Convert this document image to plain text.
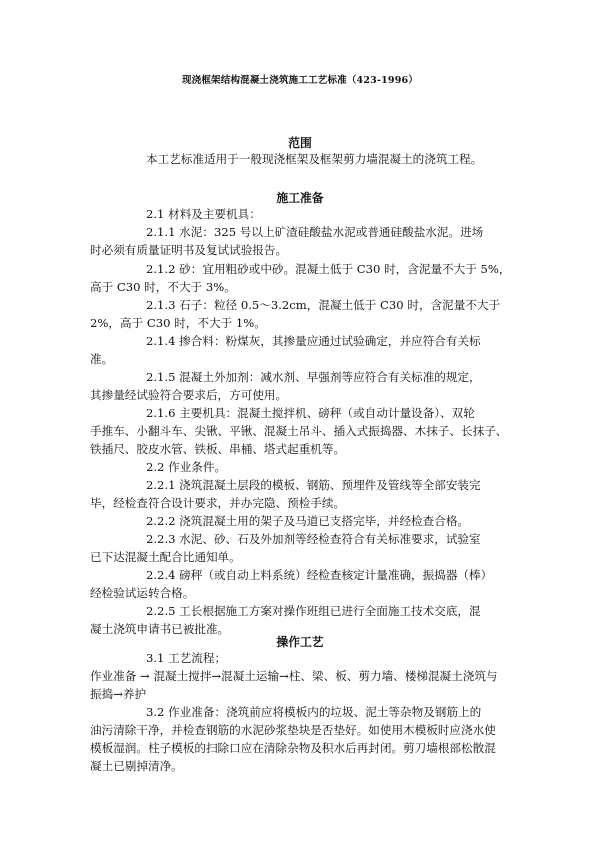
现浇框架结构混凝土浇筑施工工艺标准（423-1996）
范围
本工艺标准适用于一般现浇框架及框架剪力墙混凝土的浇筑工程。
施工准备
2.1 材料及主要机具：
2.1.1 水泥：325 号以上矿渣硅酸盐水泥或普通硅酸盐水泥。进场
时必须有质量证明书及复试试验报告。
2.1.2 砂：宜用粗砂或中砂。混凝土低于 C30 时，含泥量不大于 5%，
高于 C30 时，不大于 3%。
2.1.3 石子：粒径 0.5～3.2cm，混凝土低于 C30 时，含泥量不大于
2%，高于 C30 时，不大于 1%。
2.1.4 掺合料：粉煤灰，其掺量应通过试验确定，并应符合有关标
准。
2.1.5 混凝土外加剂：减水剂、早强剂等应符合有关标准的规定，
其掺量经试验符合要求后，方可使用。
2.1.6 主要机具：混凝土搅拌机、磅秤（或自动计量设备）、双轮
手推车、小翻斗车、尖锹、平锹、混凝土吊斗、插入式振捣器、木抹子、长抹子、
铁插尺、胶皮水管、铁板、串桶、塔式起重机等。
2.2 作业条件。
2.2.1 浇筑混凝土层段的模板、钢筋、预埋件及管线等全部安装完
毕，经检查符合设计要求，并办完隐、预检手续。
2.2.2 浇筑混凝土用的架子及马道已支搭完毕，并经检查合格。
2.2.3 水泥、砂、石及外加剂等经检查符合有关标准要求，试验室
已下达混凝土配合比通知单。
2.2.4 磅秤（或自动上料系统）经检查核定计量准确，振捣器（棒）
经检验试运转合格。
2.2.5 工长根据施工方案对操作班组已进行全面施工技术交底，混
凝土浇筑申请书已被批准。
操作工艺
3.1 工艺流程；
作业准备 → 混凝土搅拌→混凝土运输→柱、梁、板、剪力墙、楼梯混凝土浇筑与
振捣→养护
3.2 作业准备：浇筑前应将模板内的垃圾、泥土等杂物及钢筋上的
油污清除干净，并检查钢筋的水泥砂浆垫块是否垫好。如使用木模板时应浇水使
模板湿润。柱子模板的扫除口应在清除杂物及积水后再封闭。剪刀墙根部松散混
凝土已剔掉清净。
